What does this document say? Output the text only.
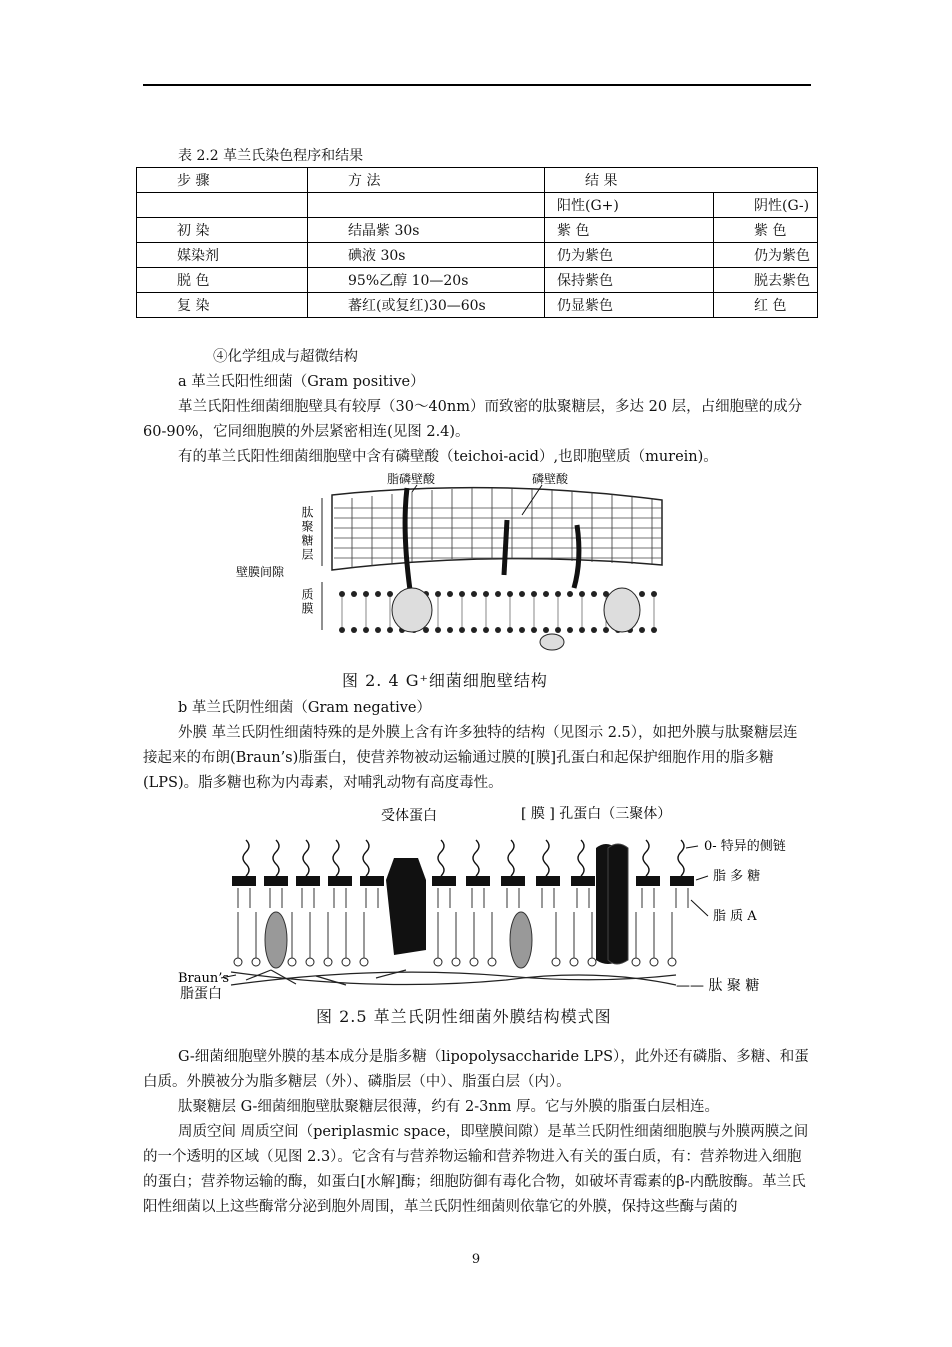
表 2.2 革兰氏染色程序和结果
步 骤	方 法	结 果	
		阳性(G+)	阴性(G-)
初 染	结晶紫 30s	紫 色	紫 色
媒染剂	碘液 30s	仍为紫色	仍为紫色
脱 色	95%乙醇 10—20s	保持紫色	脱去紫色
复 染	蕃红(或复红)30—60s	仍显紫色	红 色

④化学组成与超微结构

a 革兰氏阳性细菌（Gram positive）

革兰氏阳性细菌细胞壁具有较厚（30～40nm）而致密的肽聚糖层，多达 20 层，占细胞壁的成分 60-90%，它同细胞膜的外层紧密相连(见图 2.4)。

有的革兰氏阳性细菌细胞壁中含有磷壁酸（teichoi-acid）,也即胞壁质（murein)。

脂磷壁酸	磷壁酸
肽聚糖层
壁膜间隙
质膜
图 2. 4 G⁺细菌细胞壁结构

b 革兰氏阴性细菌（Gram negative）

外膜 革兰氏阴性细菌特殊的是外膜上含有许多独特的结构（见图示 2.5），如把外膜与肽聚糖层连接起来的布朗(Braun’s)脂蛋白，使营养物被动运输通过膜的[膜]孔蛋白和起保护细胞作用的脂多糖(LPS)。脂多糖也称为内毒素，对哺乳动物有高度毒性。

受体蛋白	[ 膜 ] 孔蛋白（三聚体）
0- 特异的侧链
脂 多 糖
脂 质 A
Braun’s
脂蛋白	—— 肽 聚 糖
图 2.5 革兰氏阴性细菌外膜结构模式图

G-细菌细胞壁外膜的基本成分是脂多糖（lipopolysaccharide LPS），此外还有磷脂、多糖、和蛋白质。外膜被分为脂多糖层（外）、磷脂层（中）、脂蛋白层（内）。

肽聚糖层 G-细菌细胞壁肽聚糖层很薄，约有 2-3nm 厚。它与外膜的脂蛋白层相连。

周质空间 周质空间（periplasmic space，即壁膜间隙）是革兰氏阴性细菌细胞膜与外膜两膜之间的一个透明的区域（见图 2.3）。它含有与营养物运输和营养物进入有关的蛋白质，有：营养物进入细胞的蛋白；营养物运输的酶，如蛋白[水解]酶；细胞防御有毒化合物，如破坏青霉素的β-内酰胺酶。革兰氏阳性细菌以上这些酶常分泌到胞外周围，革兰氏阴性细菌则依靠它的外膜，保持这些酶与菌的

9
